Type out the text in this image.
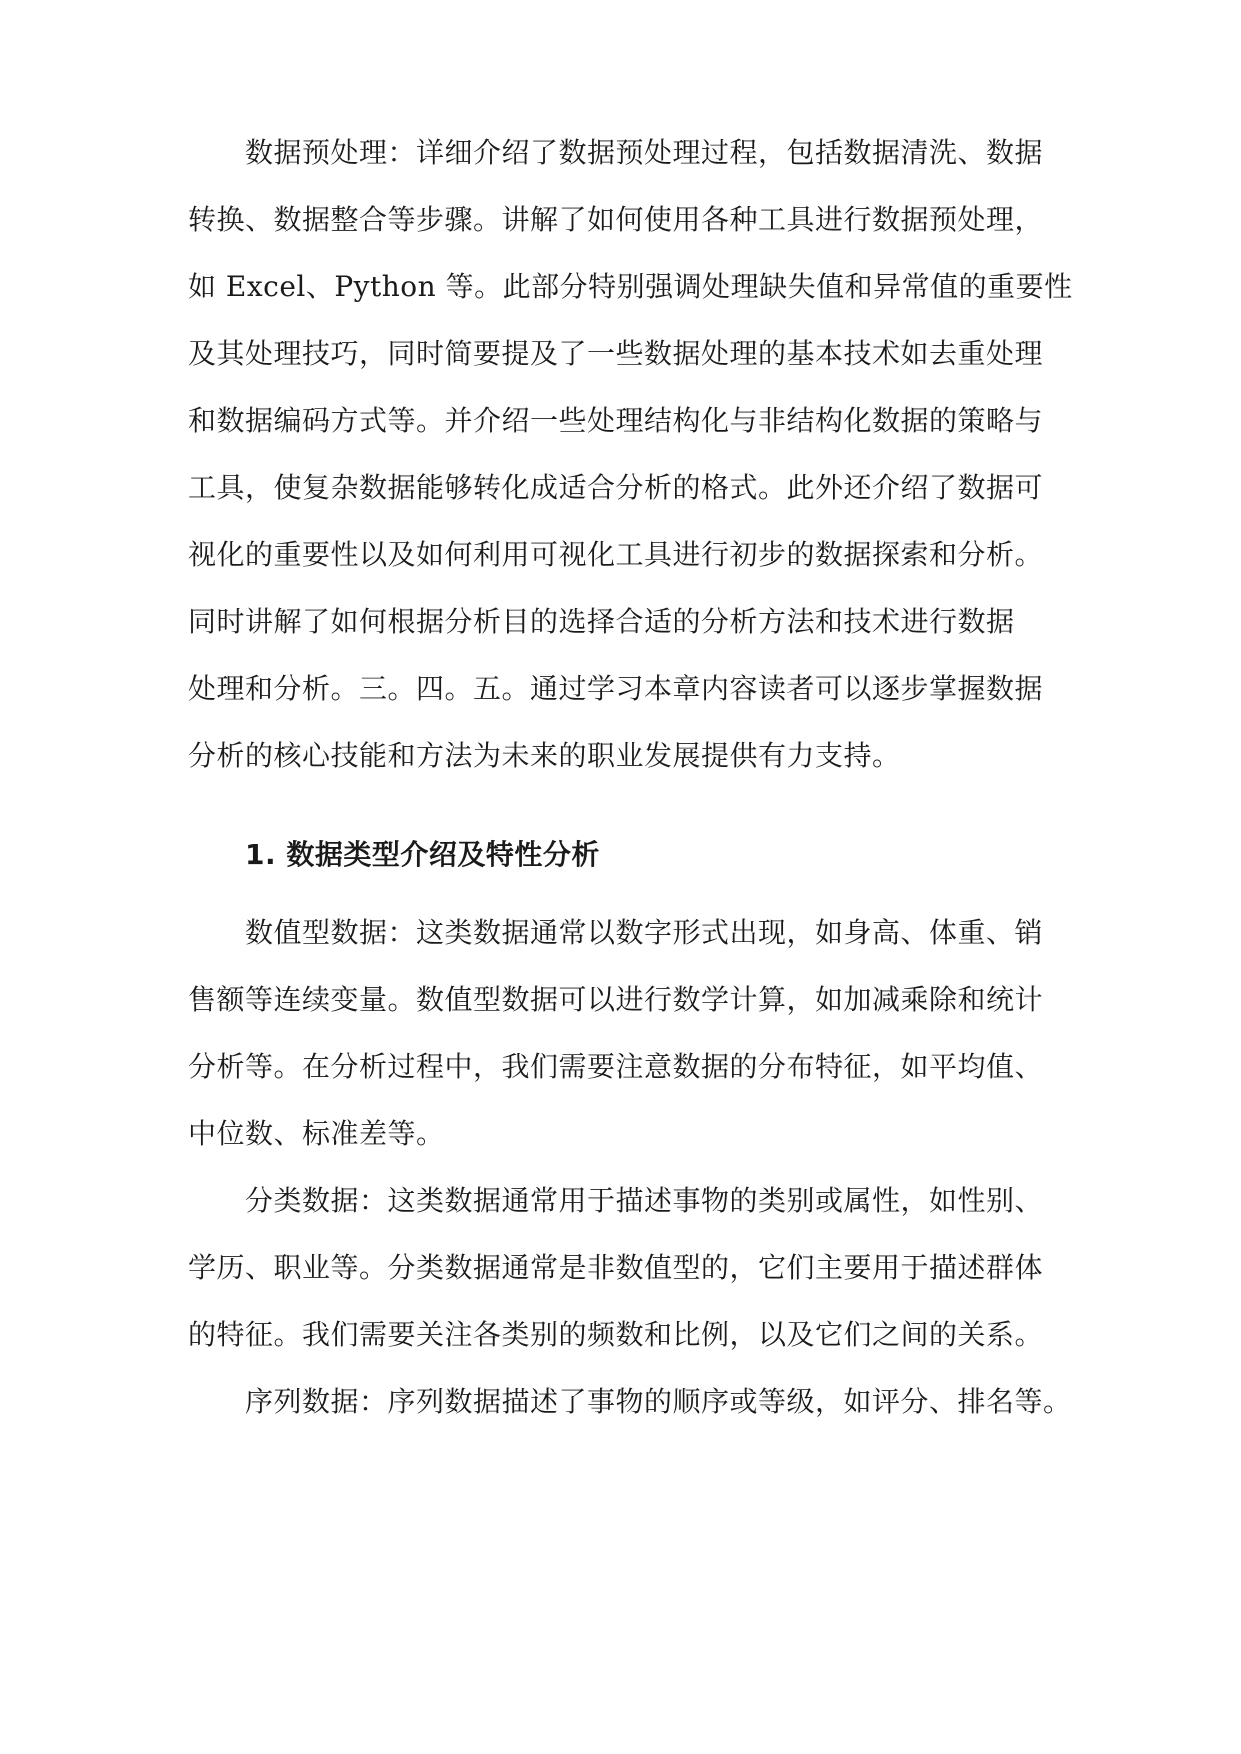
数据预处理：详细介绍了数据预处理过程，包括数据清洗、数据
转换、数据整合等步骤。讲解了如何使用各种工具进行数据预处理，
如 Excel、Python 等。此部分特别强调处理缺失值和异常值的重要性
及其处理技巧，同时简要提及了一些数据处理的基本技术如去重处理
和数据编码方式等。并介绍一些处理结构化与非结构化数据的策略与
工具，使复杂数据能够转化成适合分析的格式。此外还介绍了数据可
视化的重要性以及如何利用可视化工具进行初步的数据探索和分析。
同时讲解了如何根据分析目的选择合适的分析方法和技术进行数据
处理和分析。三。四。五。通过学习本章内容读者可以逐步掌握数据
分析的核心技能和方法为未来的职业发展提供有力支持。
1. 数据类型介绍及特性分析
数值型数据：这类数据通常以数字形式出现，如身高、体重、销
售额等连续变量。数值型数据可以进行数学计算，如加减乘除和统计
分析等。在分析过程中，我们需要注意数据的分布特征，如平均值、
中位数、标准差等。
分类数据：这类数据通常用于描述事物的类别或属性，如性别、
学历、职业等。分类数据通常是非数值型的，它们主要用于描述群体
的特征。我们需要关注各类别的频数和比例，以及它们之间的关系。
序列数据：序列数据描述了事物的顺序或等级，如评分、排名等。
